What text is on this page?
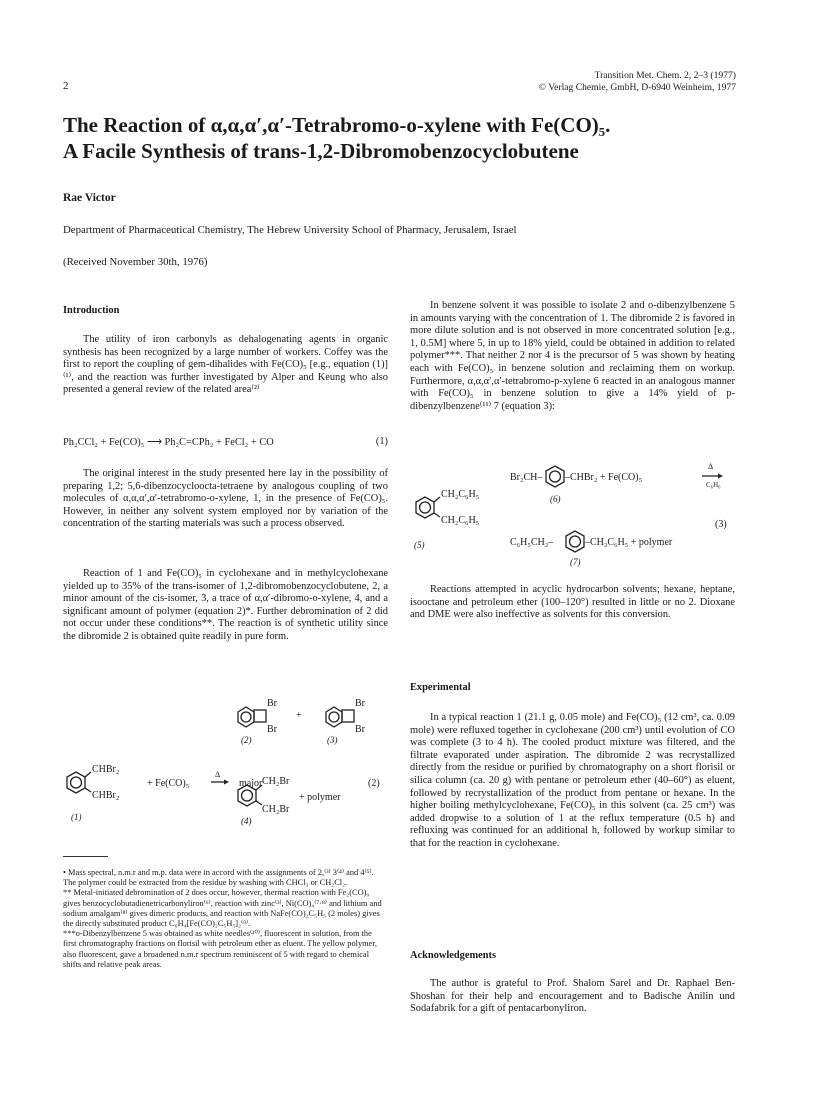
2
Transition Met. Chem. 2, 2–3 (1977)
© Verlag Chemie, GmbH, D-6940 Weinheim, 1977
The Reaction of α,α,α′,α′-Tetrabromo-o-xylene with Fe(CO)₅.
A Facile Synthesis of trans-1,2-Dibromobenzocyclobutene
Rae Victor
Department of Pharmaceutical Chemistry, The Hebrew University School of Pharmacy, Jerusalem, Israel
(Received November 30th, 1976)
Introduction
The utility of iron carbonyls as dehalogenating agents in organic synthesis has been recognized by a large number of workers. Coffey was the first to report the coupling of gem-dihalides with Fe(CO)₅ [e.g., equation (1)]⁽¹⁾, and the reaction was further investigated by Alper and Keung who also presented a general review of the related area⁽²⁾
Ph₂CCl₂ + Fe(CO)₅ ⟶ Ph₂C=CPh₂ + FeCl₂ + CO	(1)
The original interest in the study presented here lay in the possibility of preparing 1,2; 5,6-dibenzocycloocta-tetraene by analogous coupling of two molecules of α,α,α′,α′-tetrabromo-o-xylene, 1, in the presence of Fe(CO)₅. However, in neither any solvent system employed nor by variation of the concentration of the starting materials was such a process observed.
Reaction of 1 and Fe(CO)₅ in cyclohexane and in methylcyclohexane yielded up to 35% of the trans-isomer of 1,2-dibromobenzocyclobutene, 2, a minor amount of the cis-isomer, 3, a trace of α,α′-dibromo-o-xylene, 4, and a significant amount of polymer (equation 2)*. Further debromination of 2 did not occur under these conditions**. The reaction is of synthetic utility since the dibromide 2 is obtained quite readily in pure form.
Br
Br
+
Br
Br
(2)	(3)
CHBr₂
CHBr₂
(1)
+ Fe(CO)₅
Δ
major	(2)
CH₂Br
CH₂Br
+ polymer
(4)
• Mass spectral, n.m.r and m.p. data were in accord with the assignments of 2,⁽³⁾ 3⁽⁴⁾ and 4⁽⁵⁾. The polymer could be extracted from the residue by washing with CHCl₃ or CH₂Cl₂.
** Metal-initiated debromination of 2 does occur, however, thermal reaction with Fe₂(CO)₉ gives benzocyclobutadienetricarbonyliron⁽⁶⁾, reaction with zinc⁽³⁾, Ni(CO)₄⁽⁷·⁸⁾ and lithium and sodium amalgam⁽⁸⁾ gives dimeric products, and reaction with NaFe(CO)₂C₅H₅ (2 moles) gives the directly substituted product C₆H₄[Fe(CO)₂C₅H₅]₂⁽⁹⁾.
***o-Dibenzylbenzene 5 was obtained as white needles⁽¹⁰⁾, fluorescent in solution, from the first chromatography fractions on florisil with petroleum ether as eluent. The yellow polymer, also fluorescent, gave a broadened n.m.r spectrum reminiscent of 5 with regard to chemical shifts and relative peak areas.
In benzene solvent it was possible to isolate 2 and o-dibenzylbenzene 5 in amounts varying with the concentration of 1. The dibromide 2 is favored in more dilute solution and is not observed in more concentrated solution [e.g., 1, 0.5M] where 5, in up to 18% yield, could be obtained in addition to related polymer***. That neither 2 nor 4 is the precursor of 5 was shown by heating each with Fe(CO)₅ in benzene solution and reclaiming them on workup. Furthermore, α,α,α′,α′-tetrabromo-p-xylene 6 reacted in an analogous manner with Fe(CO)₅ in benzene solution to give a 14% yield of p-dibenzylbenzene⁽¹¹⁾ 7 (equation 3):
CH₂C₆H₅
CH₂C₆H₅
(5)
Br₂CH– –CHBr₂ + Fe(CO)₅
Δ
C₆H₆
(6)
(3)
C₆H₅CH₂–	–CH₂C₆H₅ + polymer
(7)
Reactions attempted in acyclic hydrocarbon solvents; hexane, heptane, isooctane and petroleum ether (100–120°) resulted in little or no 2. Dioxane and DME were also ineffective as solvents for this conversion.
Experimental
In a typical reaction 1 (21.1 g, 0.05 mole) and Fe(CO)₅ (12 cm³, ca. 0.09 mole) were refluxed together in cyclohexane (200 cm³) until evolution of CO was complete (3 to 4 h). The cooled product mixture was filtered, and the filtrate evaporated under aspiration. The dibromide 2 was recrystallized directly from the residue or purified by chromatography on a short florisil or silica column (ca. 20 g) with pentane or petroleum ether (40–60°) as eluent, followed by recrystallization of the product from pentane or hexane. In the higher boiling methylcyclohexane, Fe(CO)₅ in this solvent (ca. 25 cm³) was added dropwise to a solution of 1 at the reflux temperature (0.5 h) and refluxing was continued for an additional h, followed by workup similar to that for the reaction in cyclohexane.
Acknowledgements
The author is grateful to Prof. Shalom Sarel and Dr. Raphael Ben-Shoshan for their help and encouragement and to Badische Anilin und Sodafabrik for a gift of pentacarbonyliron.
